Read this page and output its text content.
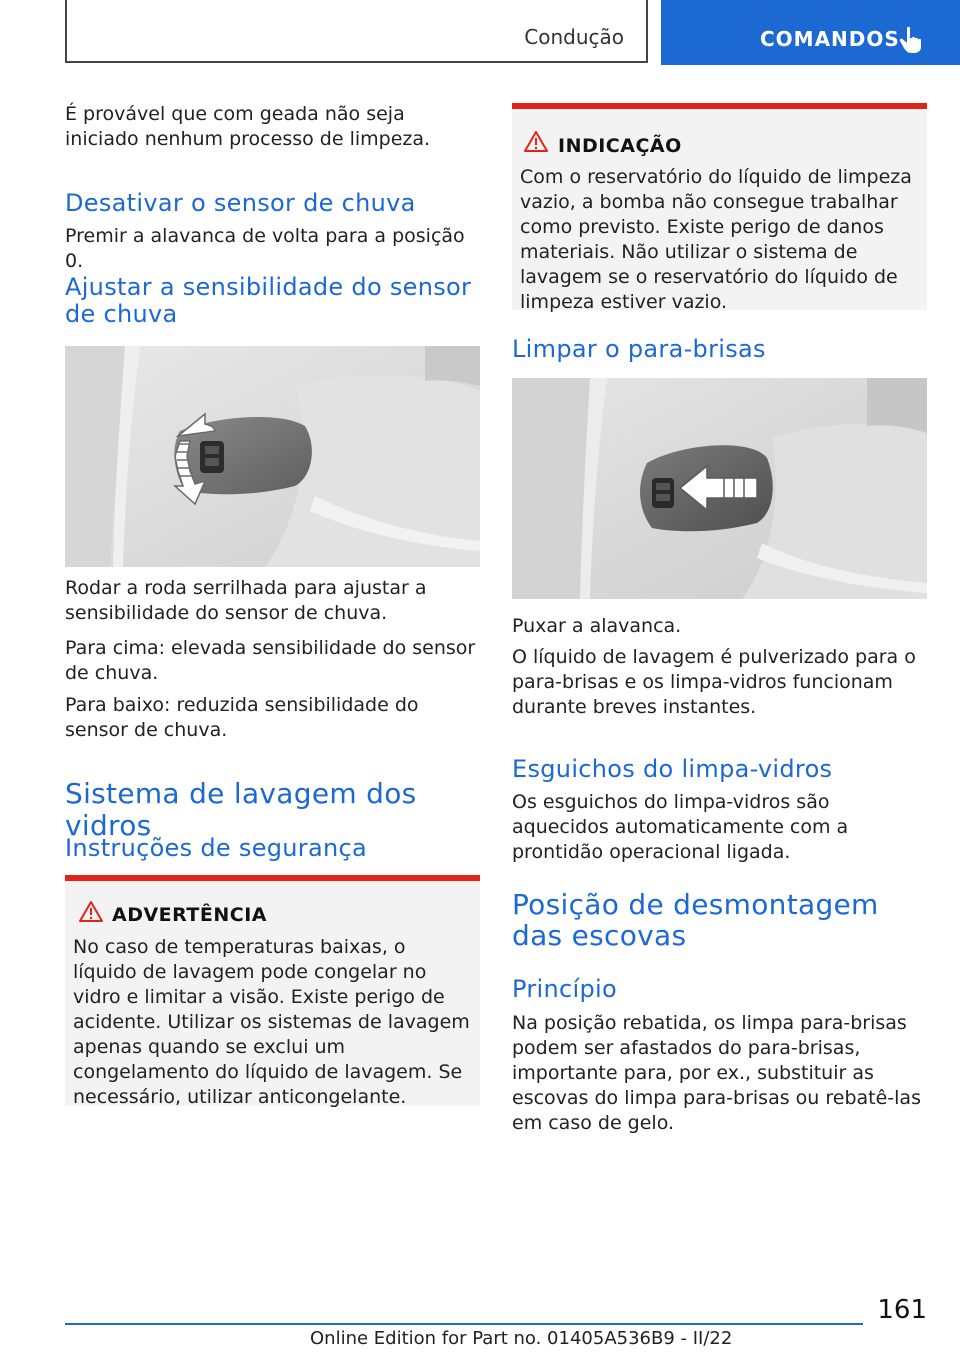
Condução	COMANDOS
É provável que com geada não seja iniciado nenhum processo de limpeza.
Desativar o sensor de chuva
Premir a alavanca de volta para a posição 0.
Ajustar a sensibilidade do sensor de chuva
Rodar a roda serrilhada para ajustar a sensibilidade do sensor de chuva.
Para cima: elevada sensibilidade do sensor de chuva.
Para baixo: reduzida sensibilidade do sensor de chuva.
Sistema de lavagem dos vidros
Instruções de segurança
ADVERTÊNCIA
No caso de temperaturas baixas, o líquido de lavagem pode congelar no vidro e limitar a visão. Existe perigo de acidente. Utilizar os sistemas de lavagem apenas quando se exclui um congelamento do líquido de lavagem. Se necessário, utilizar anticongelante.
INDICAÇÃO
Com o reservatório do líquido de limpeza vazio, a bomba não consegue trabalhar como previsto. Existe perigo de danos materiais. Não utilizar o sistema de lavagem se o reservatório do líquido de limpeza estiver vazio.
Limpar o para-brisas
Puxar a alavanca.
O líquido de lavagem é pulverizado para o para-brisas e os limpa-vidros funcionam durante breves instantes.
Esguichos do limpa-vidros
Os esguichos do limpa-vidros são aquecidos automaticamente com a prontidão operacional ligada.
Posição de desmontagem das escovas
Princípio
Na posição rebatida, os limpa para-brisas podem ser afastados do para-brisas, importante para, por ex., substituir as escovas do limpa para-brisas ou rebatê-las em caso de gelo.
161
Online Edition for Part no. 01405A536B9 - II/22
